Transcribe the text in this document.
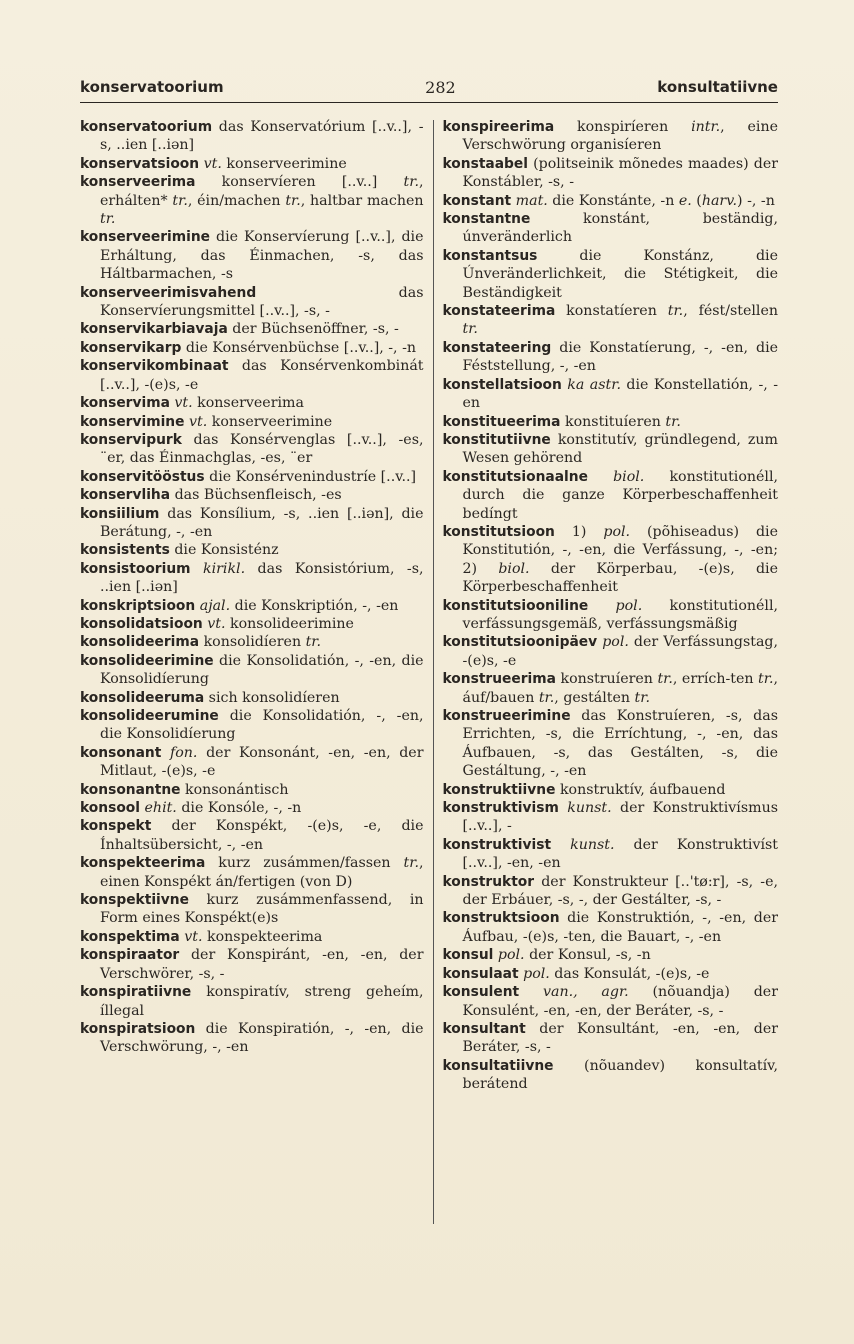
konservatoorium	282	konsultatiivne

konservatoorium das Konservatórium [..v..], -s, ..ien [..iən]

konservatsioon vt. konserveerimine

konserveerima konservíeren [..v..] tr., erhálten* tr., éin/machen tr., haltbar machen tr.

konserveerimine die Konservíerung [..v..], die Erháltung, das Éinmachen, -s, das Háltbarmachen, -s

konserveerimisvahend das Konservíerungsmittel [..v..], -s, -

konservikarbiavaja der Büchsenöffner, -s, -

konservikarp die Konsérvenbüchse [..v..], -, -n

konservikombinaat das Konsérvenkombinát [..v..], -(e)s, -e

konservima vt. konserveerima

konservimine vt. konserveerimine

konservipurk das Konsérvenglas [..v..], -es, ¨er, das Éinmachglas, -es, ¨er

konservitööstus die Konsérvenindustríe [..v..]

konservliha das Büchsenfleisch, -es

konsiilium das Konsílium, -s, ..ien [..iən], die Berátung, -, -en

konsistents die Konsisténz

konsistoorium kirikl. das Konsistórium, -s, ..ien [..iən]

konskriptsioon ajal. die Konskriptión, -, -en

konsolidatsioon vt. konsolideerimine

konsolideerima konsolidíeren tr.

konsolideerimine die Konsolidatión, -, -en, die Konsolidíerung

konsolideeruma sich konsolidíeren

konsolideerumine die Konsolidatión, -, -en, die Konsolidíerung

konsonant fon. der Konsonánt, -en, -en, der Mitlaut, -(e)s, -e

konsonantne konsonántisch

konsool ehit. die Konsóle, -, -n

konspekt der Konspékt, -(e)s, -e, die Ínhaltsübersicht, -, -en

konspekteerima kurz zusámmen/fassen tr., einen Konspékt án/fertigen (von D)

konspektiivne kurz zusámmenfassend, in Form eines Konspékt(e)s

konspektima vt. konspekteerima

konspiraator der Konspiránt, -en, -en, der Verschwörer, -s, -

konspiratiivne konspiratív, streng geheím, íllegal

konspiratsioon die Konspiratión, -, -en, die Verschwörung, -, -en

konspireerima konspiríeren intr., eine Verschwörung organisíeren

konstaabel (politseinik mõnedes maades) der Konstábler, -s, -

konstant mat. die Konstánte, -n e. (harv.) -, -n

konstantne konstánt, beständig, únveränderlich

konstantsus die Konstánz, die Únveränderlichkeit, die Stétigkeit, die Beständigkeit

konstateerima konstatíeren tr., fést/stellen tr.

konstateering die Konstatíerung, -, -en, die Féststellung, -, -en

konstellatsioon ka astr. die Konstellatión, -, -en

konstitueerima konstituíeren tr.

konstitutiivne konstitutív, gründlegend, zum Wesen gehörend

konstitutsionaalne biol. konstitutionéll, durch die ganze Körperbeschaffenheit bedíngt

konstitutsioon 1) pol. (põhiseadus) die Konstitutión, -, -en, die Verfássung, -, -en; 2) biol. der Körperbau, -(e)s, die Körperbeschaffenheit

konstitutsiooniline pol. konstitutionéll, verfássungsgemäß, verfássungsmäßig

konstitutsioonipäev pol. der Verfássungstag, -(e)s, -e

konstrueerima konstruíeren tr., errích-ten tr., áuf/bauen tr., gestálten tr.

konstrueerimine das Konstruíeren, -s, das Errichten, -s, die Erríchtung, -, -en, das Áufbauen, -s, das Gestálten, -s, die Gestáltung, -, -en

konstruktiivne konstruktív, áufbauend

konstruktivism kunst. der Konstruktivísmus [..v..], -

konstruktivist kunst. der Konstruktivíst [..v..], -en, -en

konstruktor der Konstrukteur [..'tø:r], -s, -e, der Erbáuer, -s, -, der Gestálter, -s, -

konstruktsioon die Konstruktión, -, -en, der Áufbau, -(e)s, -ten, die Bauart, -, -en

konsul pol. der Konsul, -s, -n

konsulaat pol. das Konsulát, -(e)s, -e

konsulent van., agr. (nõuandja) der Konsulént, -en, -en, der Beráter, -s, -

konsultant der Konsultánt, -en, -en, der Beráter, -s, -

konsultatiivne (nõuandev) konsultatív, berátend
